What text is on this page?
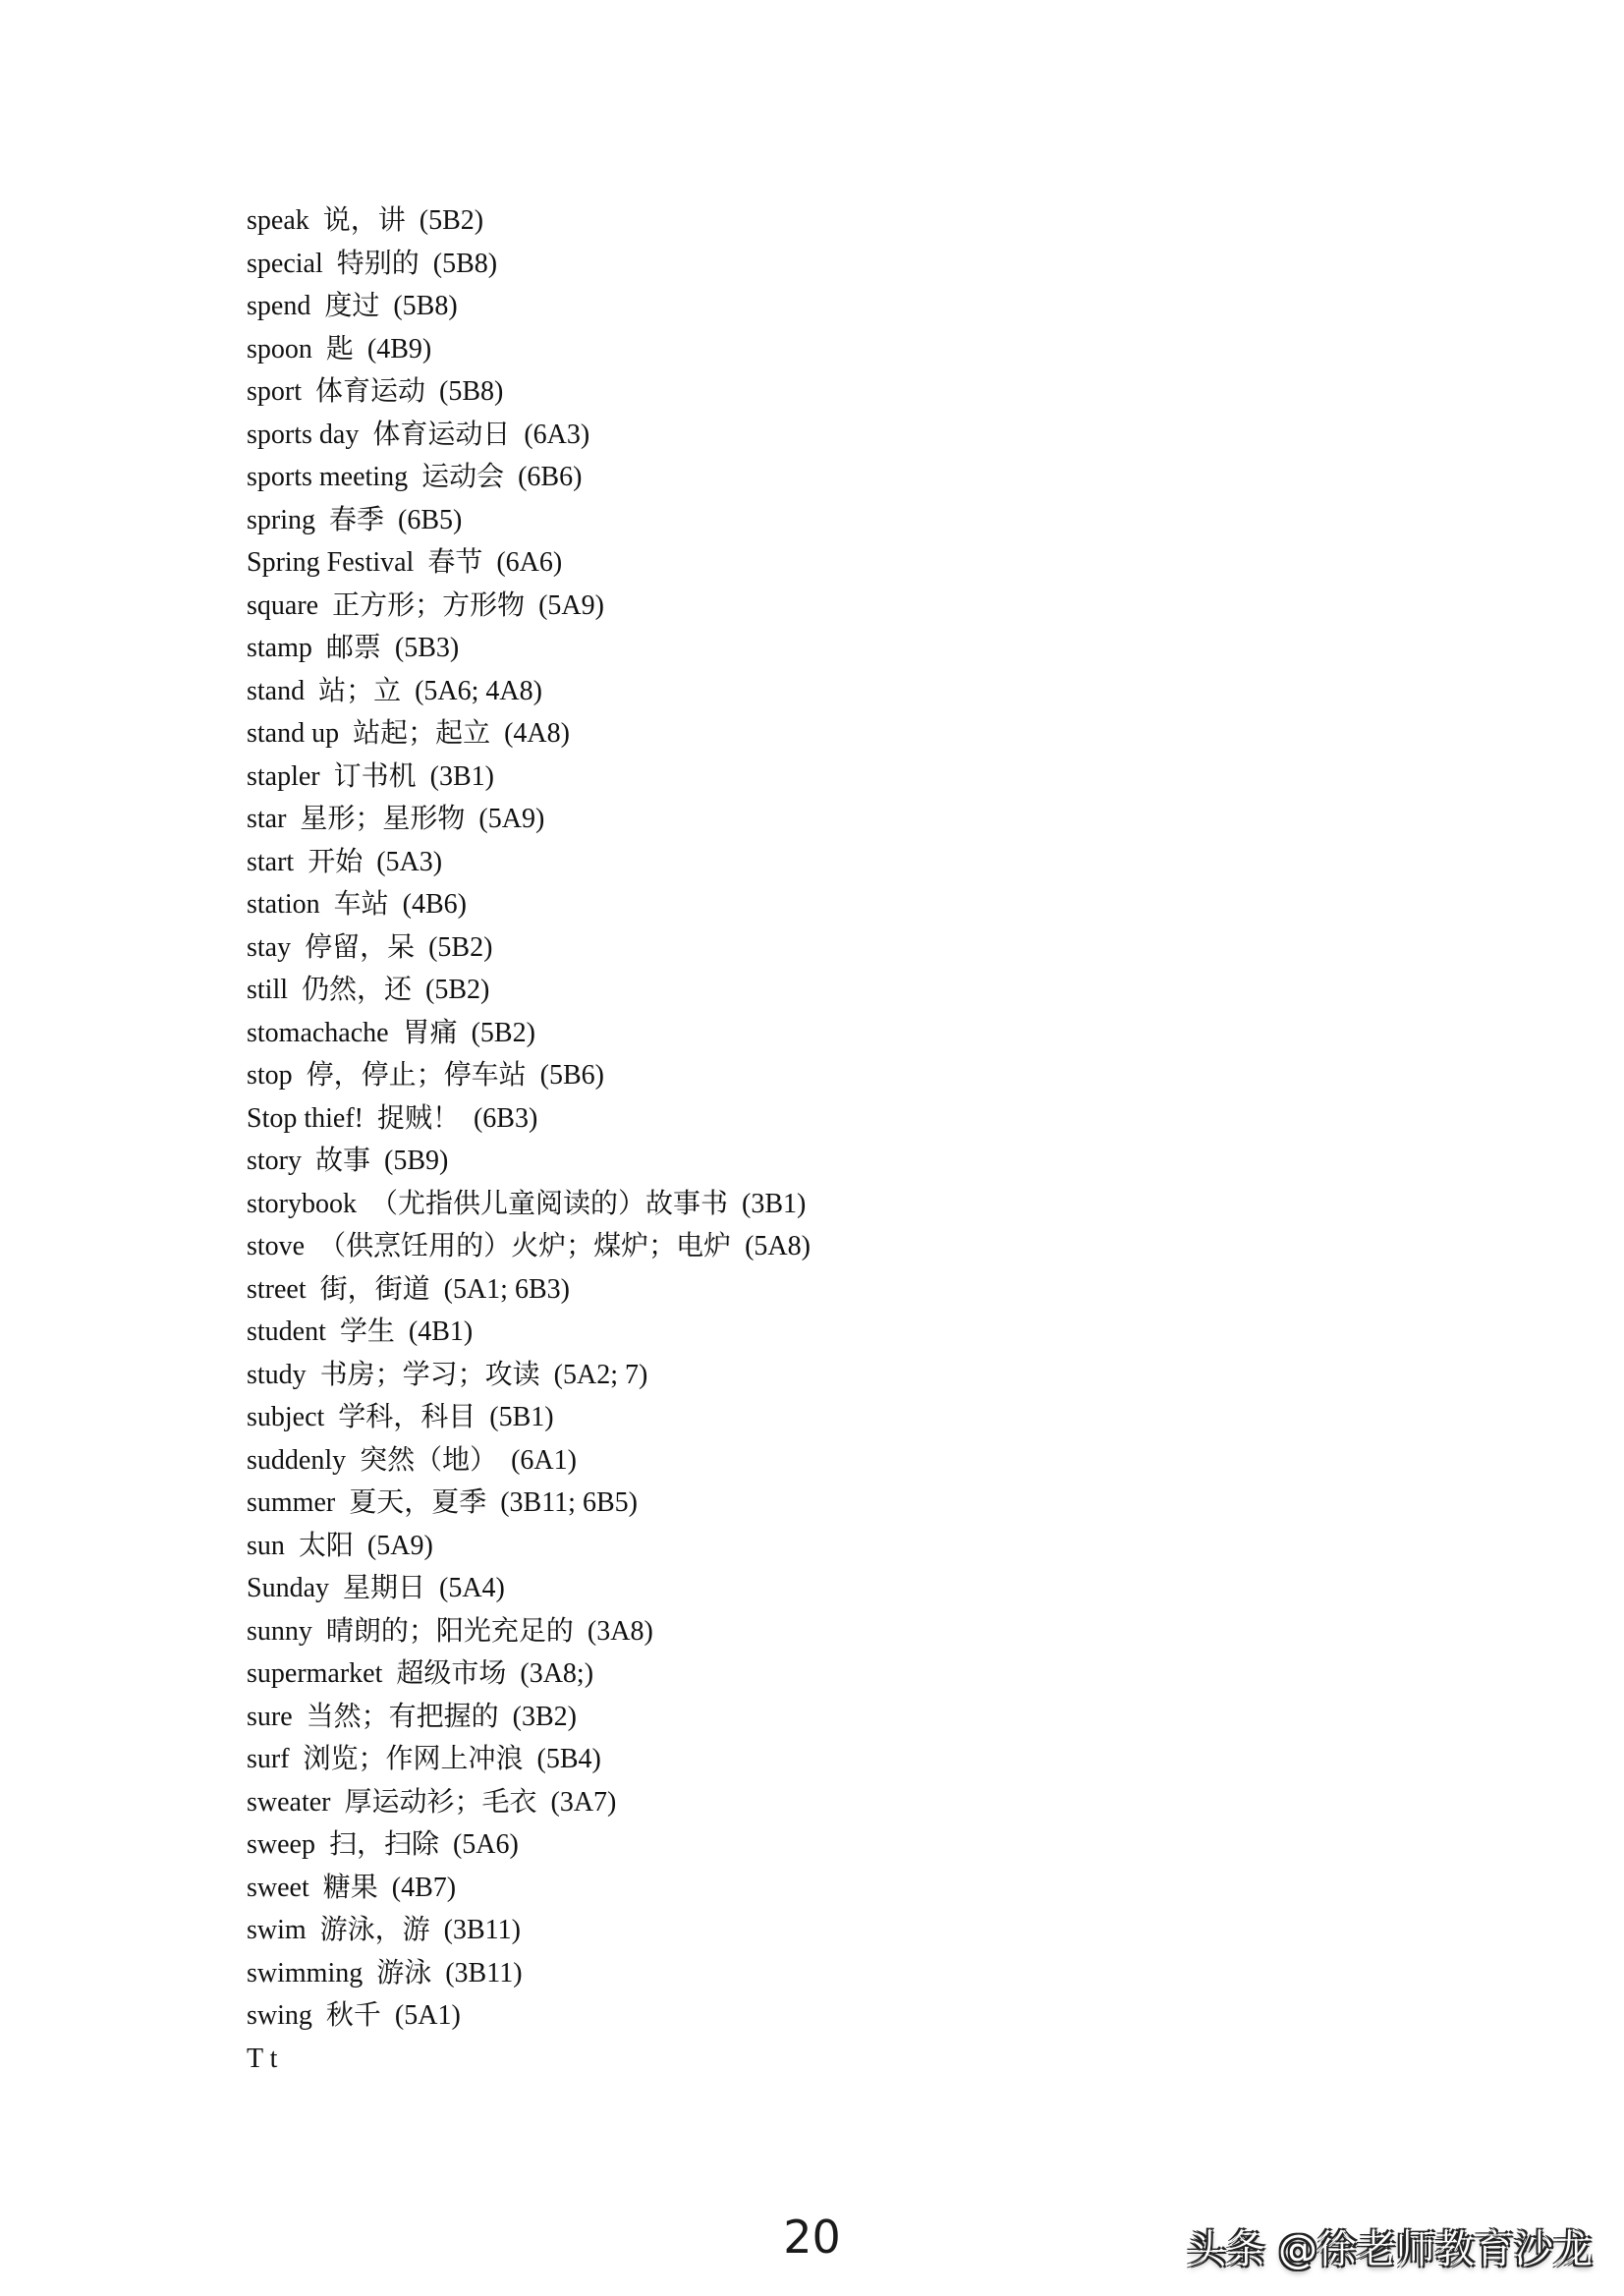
speak  说，讲  (5B2)
special  特别的  (5B8)
spend  度过  (5B8)
spoon  匙  (4B9)
sport  体育运动  (5B8)
sports day  体育运动日  (6A3)
sports meeting  运动会  (6B6)
spring  春季  (6B5)
Spring Festival  春节  (6A6)
square  正方形；方形物  (5A9)
stamp  邮票  (5B3)
stand  站；立  (5A6; 4A8)
stand up  站起；起立  (4A8)
stapler  订书机  (3B1)
star  星形；星形物  (5A9)
start  开始  (5A3)
station  车站  (4B6)
stay  停留，呆  (5B2)
still  仍然，还  (5B2)
stomachache  胃痛  (5B2)
stop  停，停止；停车站  (5B6)
Stop thief!  捉贼！  (6B3)
story  故事  (5B9)
storybook  （尤指供儿童阅读的）故事书  (3B1)
stove  （供烹饪用的）火炉；煤炉；电炉  (5A8)
street  街，街道  (5A1; 6B3)
student  学生  (4B1)
study  书房；学习；攻读  (5A2; 7)
subject  学科，科目  (5B1)
suddenly  突然（地）  (6A1)
summer  夏天，夏季  (3B11; 6B5)
sun  太阳  (5A9)
Sunday  星期日  (5A4)
sunny  晴朗的；阳光充足的  (3A8)
supermarket  超级市场  (3A8;)
sure  当然；有把握的  (3B2)
surf  浏览；作网上冲浪  (5B4)
sweater  厚运动衫；毛衣  (3A7)
sweep  扫，扫除  (5A6)
sweet  糖果  (4B7)
swim  游泳，游  (3B11)
swimming  游泳  (3B11)
swing  秋千  (5A1)
T t
20	头条 @徐老师教育沙龙
